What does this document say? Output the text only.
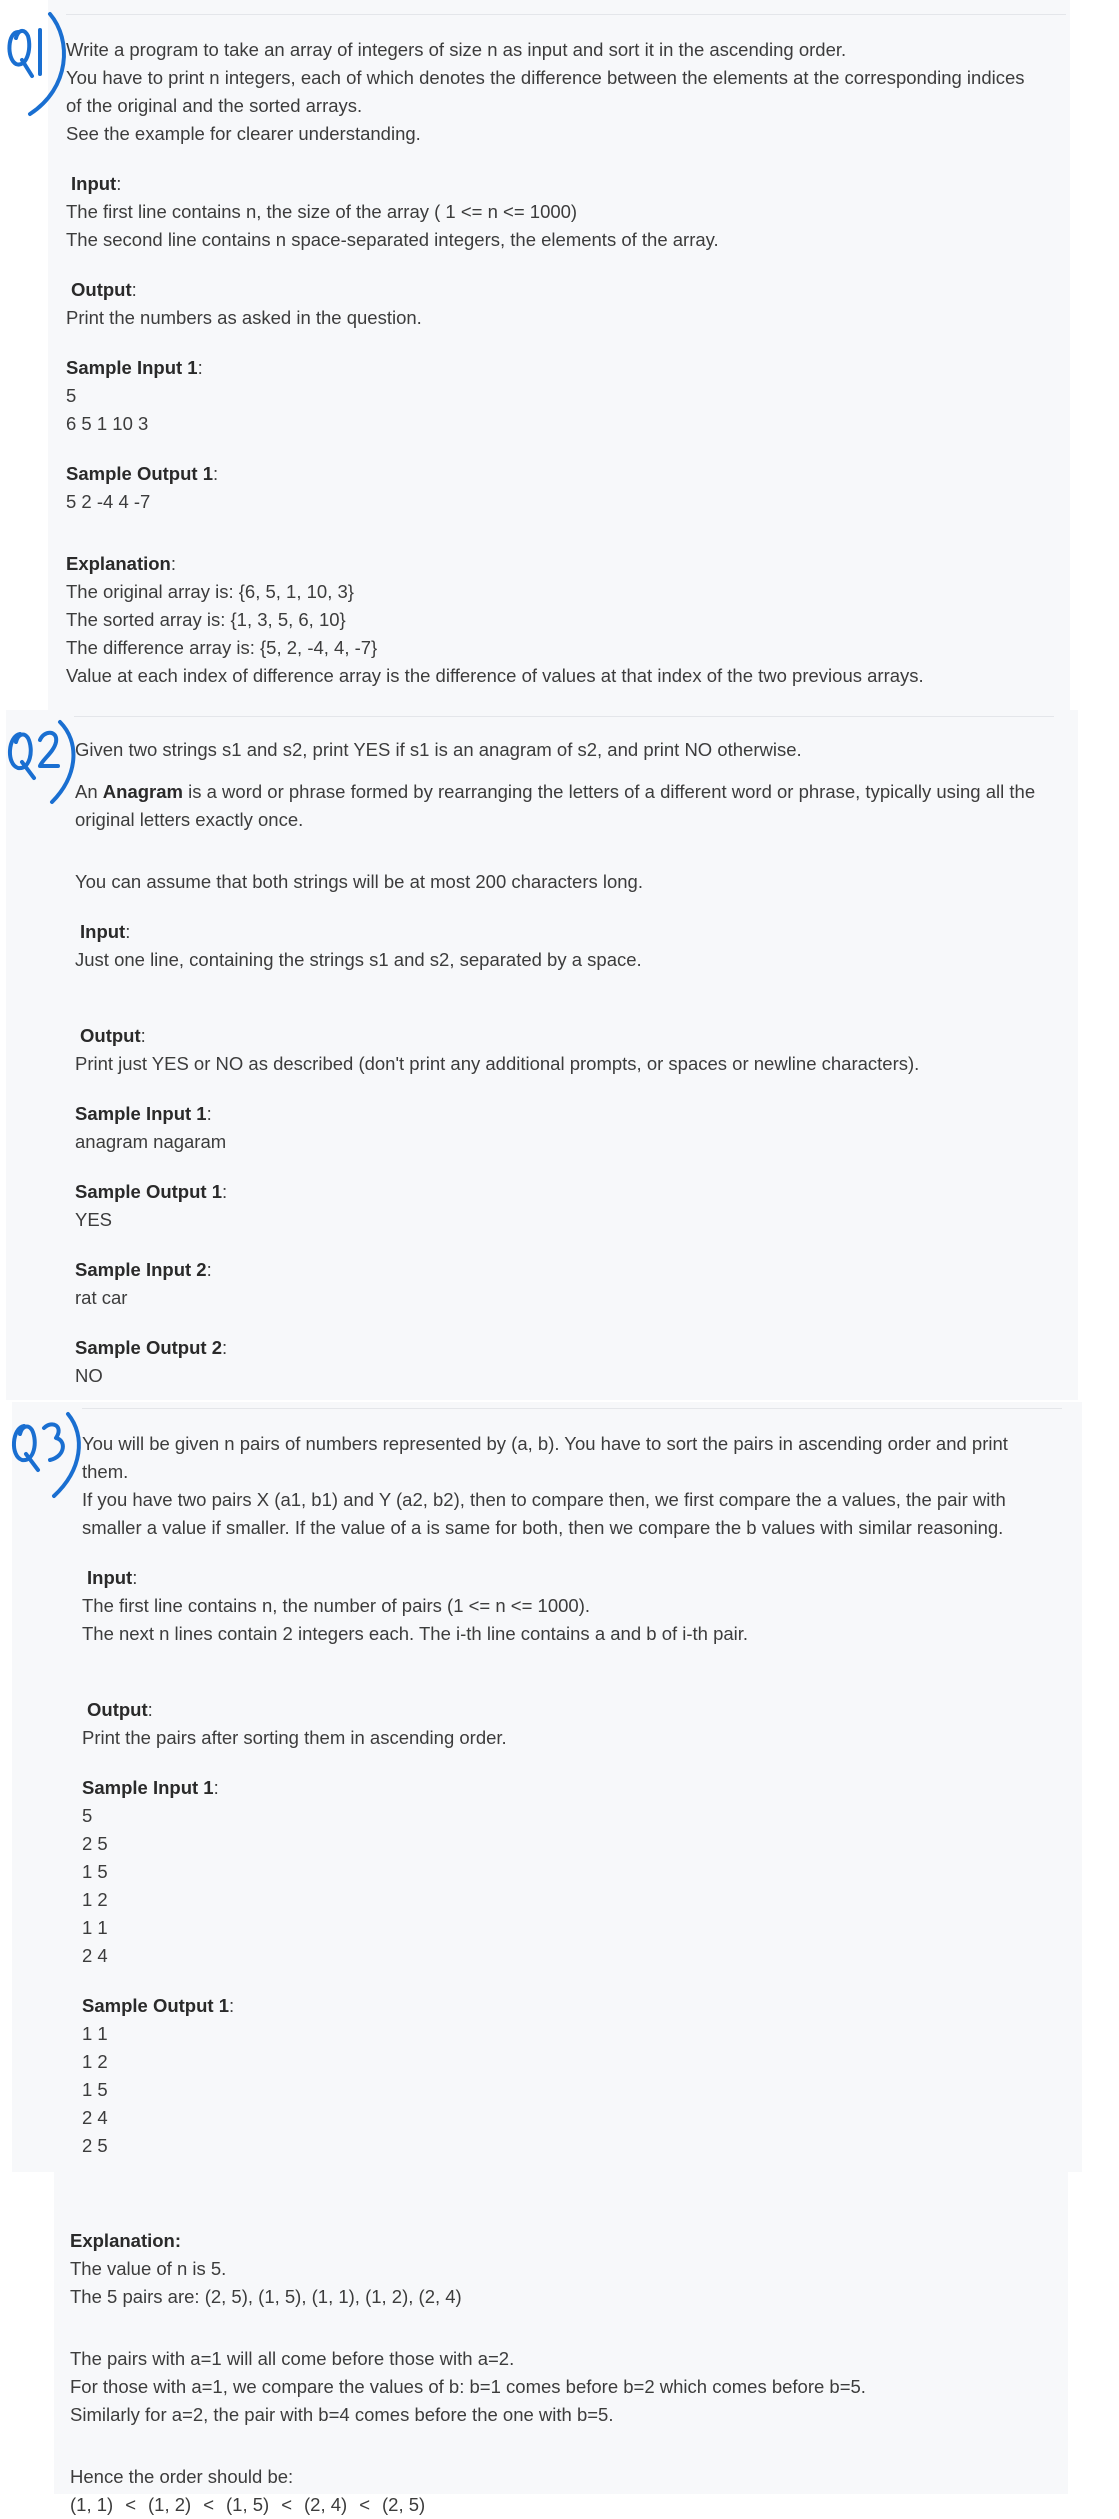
Write a program to take an array of integers of size n as input and sort it in the ascending order.

You have to print n integers, each of which denotes the difference between the elements at the corresponding indices

of the original and the sorted arrays.

See the example for clearer understanding.

Input:

The first line contains n, the size of the array ( 1 <= n <= 1000)

The second line contains n space-separated integers, the elements of the array.

Output:

Print the numbers as asked in the question.

Sample Input 1:

5

6 5 1 10 3

Sample Output 1:

5 2 -4 4 -7

Explanation:

The original array is: {6, 5, 1, 10, 3}

The sorted array is: {1, 3, 5, 6, 10}

The difference array is: {5, 2, -4, 4, -7}

Value at each index of difference array is the difference of values at that index of the two previous arrays.

Given two strings s1 and s2, print YES if s1 is an anagram of s2, and print NO otherwise.

An Anagram is a word or phrase formed by rearranging the letters of a different word or phrase, typically using all the

original letters exactly once.

You can assume that both strings will be at most 200 characters long.

Input:

Just one line, containing the strings s1 and s2, separated by a space.

Output:

Print just YES or NO as described (don't print any additional prompts, or spaces or newline characters).

Sample Input 1:

anagram nagaram

Sample Output 1:

YES

Sample Input 2:

rat car

Sample Output 2:

NO

You will be given n pairs of numbers represented by (a, b). You have to sort the pairs in ascending order and print

them.

If you have two pairs X (a1, b1) and Y (a2, b2), then to compare then, we first compare the a values, the pair with

smaller a value if smaller. If the value of a is same for both, then we compare the b values with similar reasoning.

Input:

The first line contains n, the number of pairs (1 <= n <= 1000).

The next n lines contain 2 integers each. The i-th line contains a and b of i-th pair.

Output:

Print the pairs after sorting them in ascending order.

Sample Input 1:

5

2 5

1 5

1 2

1 1

2 4

Sample Output 1:

1 1

1 2

1 5

2 4

2 5

Explanation:

The value of n is 5.

The 5 pairs are: (2, 5), (1, 5), (1, 1), (1, 2), (2, 4)

The pairs with a=1 will all come before those with a=2.

For those with a=1, we compare the values of b: b=1 comes before b=2 which comes before b=5.

Similarly for a=2, the pair with b=4 comes before the one with b=5.

Hence the order should be:

(1, 1) < (1, 2) < (1, 5) < (2, 4) < (2, 5)
